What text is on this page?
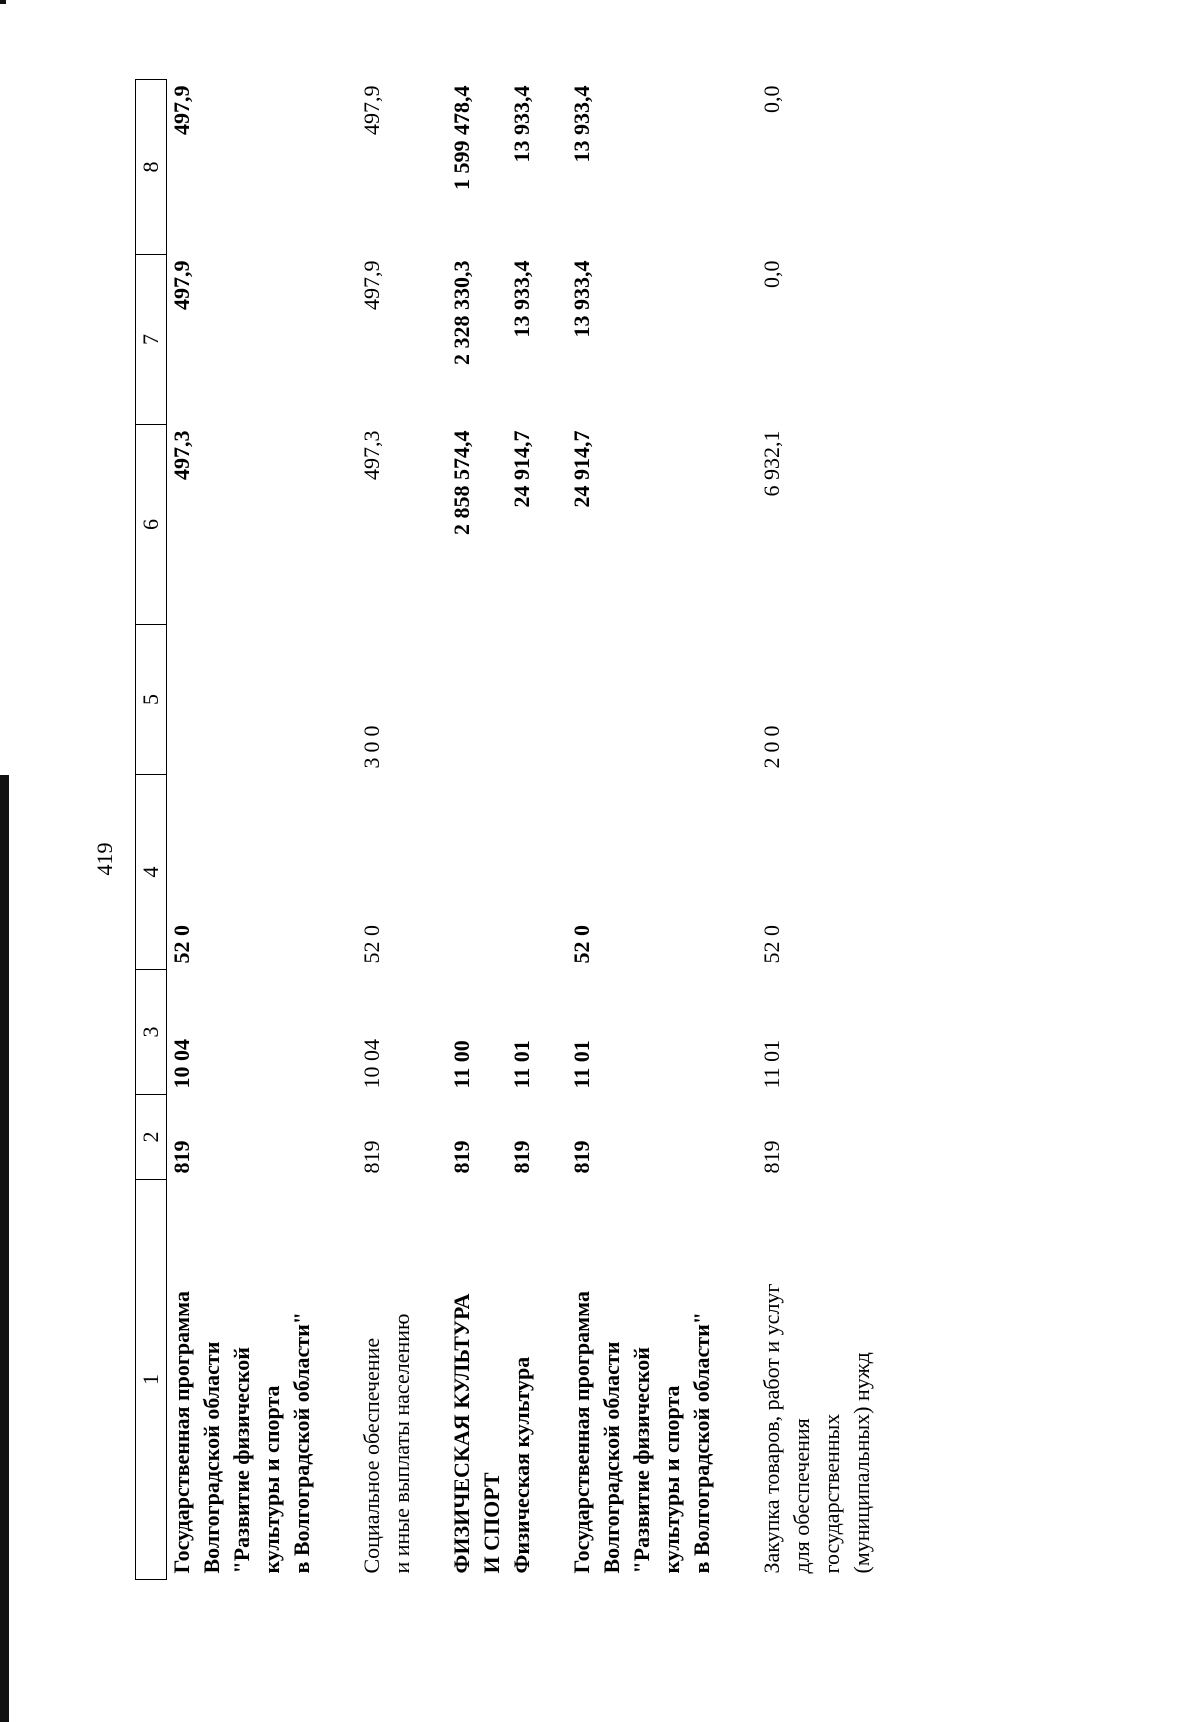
419
1	2	3	4	5	6	7	8
Государственная программа
Волгоградской области
"Развитие физической
культуры и спорта
в Волгоградской области"	819	10 04	52 0		497,3	497,9	497,9
Социальное обеспечение
и иные выплаты населению	819	10 04	52 0	300	497,3	497,9	497,9
ФИЗИЧЕСКАЯ КУЛЬТУРА
И СПОРТ	819	11 00			2 858 574,4	2 328 330,3	1 599 478,4
Физическая культура	819	11 01			24 914,7	13 933,4	13 933,4
Государственная программа
Волгоградской области
"Развитие физической
культуры и спорта
в Волгоградской области"	819	11 01	52 0		24 914,7	13 933,4	13 933,4
Закупка товаров, работ и услуг
для обеспечения
государственных
(муниципальных) нужд	819	11 01	52 0	200	6 932,1	0,0	0,0
